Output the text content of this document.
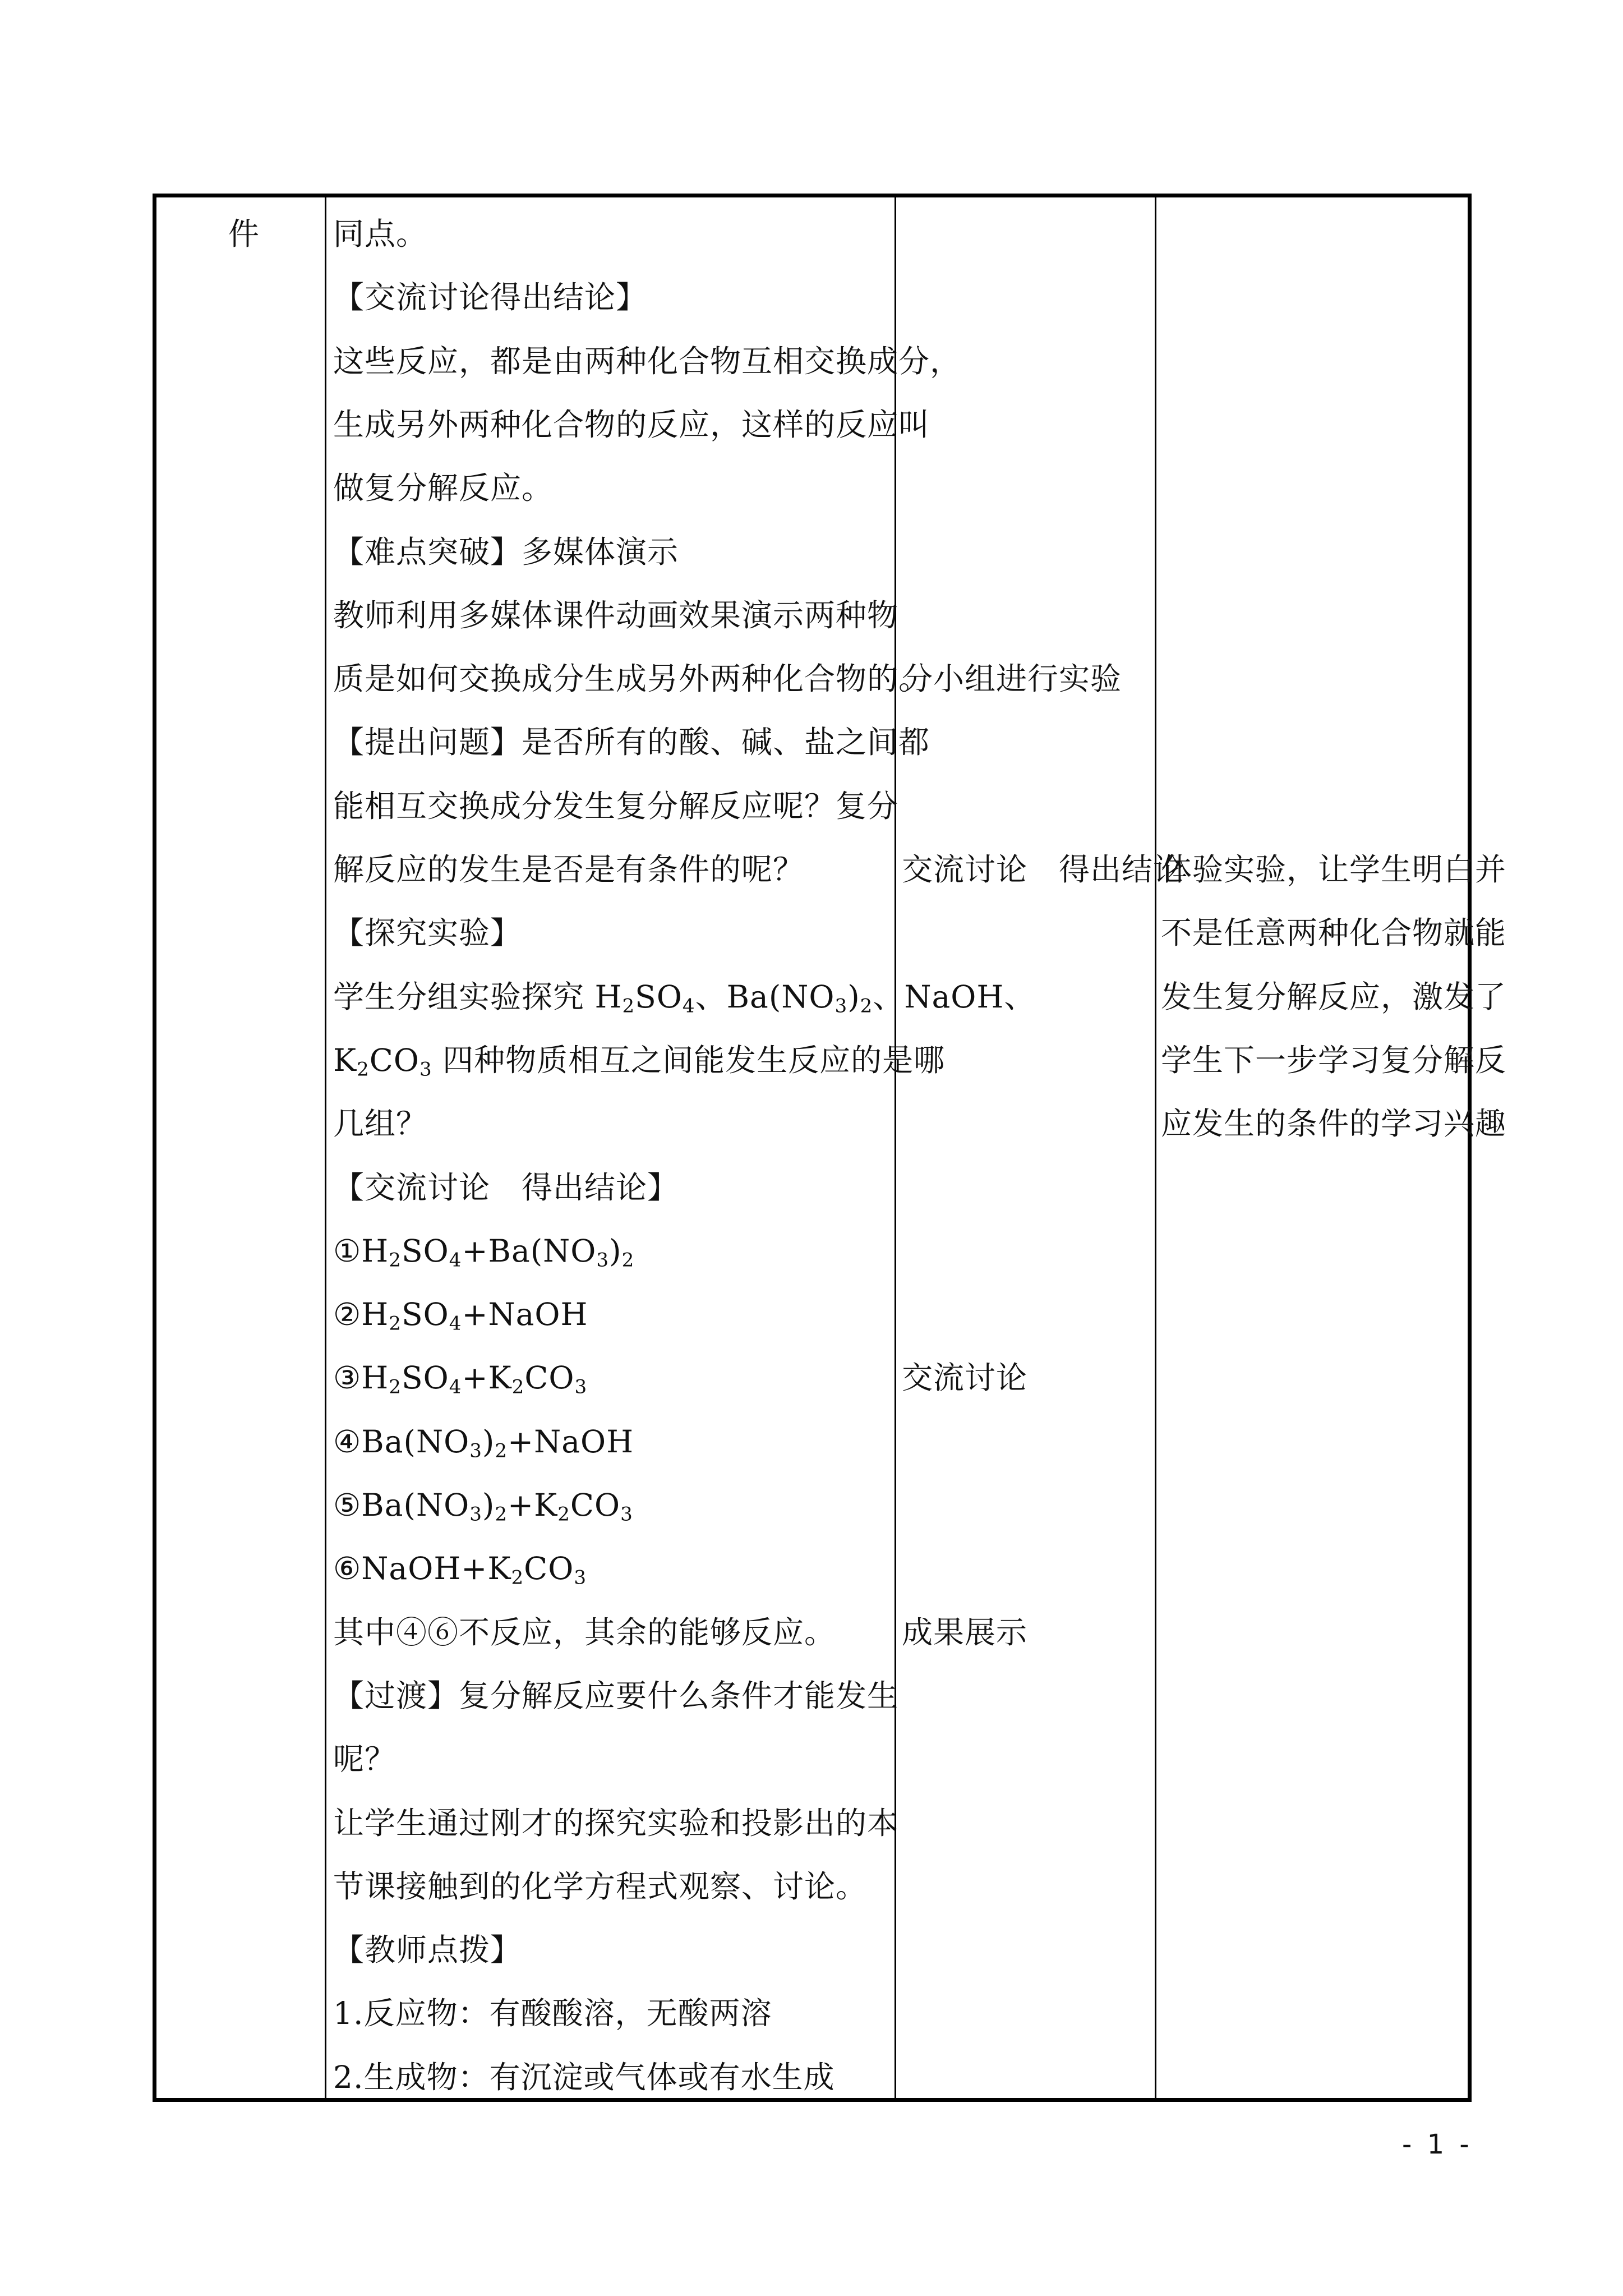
件 同点。
【交流讨论得出结论】
这些反应，都是由两种化合物互相交换成分，
生成另外两种化合物的反应，这样的反应叫
做复分解反应。
【难点突破】多媒体演示
教师利用多媒体课件动画效果演示两种物
质是如何交换成分生成另外两种化合物的。
【提出问题】是否所有的酸、碱、盐之间都
能相互交换成分发生复分解反应呢？复分
解反应的发生是否是有条件的呢？
【探究实验】
学生分组实验探究 $H_2SO_4$、$Ba(NO_3)_2$、NaOH、
$K_2CO_3$ 四种物质相互之间能发生反应的是哪
几组？
【交流讨论　得出结论】
$①H_2SO_4+Ba(NO_3)_2$
$②H_2SO_4+NaOH$
$③H_2SO_4+K_2CO_3$
$④Ba(NO_3)_2+NaOH$
$⑤Ba(NO_3)_2+K_2CO_3$
$⑥NaOH+K_2CO_3$
其中④⑥不反应，其余的能够反应。
【过渡】复分解反应要什么条件才能发生
呢？
让学生通过刚才的探究实验和投影出的本
节课接触到的化学方程式观察、讨论。
【教师点拨】
1.反应物：有酸酸溶，无酸两溶
2.生成物：有沉淀或气体或有水生成
分小组进行实验
交流讨论　得出结论
交流讨论
成果展示
体验实验，让学生明白并
不是任意两种化合物就能
发生复分解反应，激发了
学生下一步学习复分解反
应发生的条件的学习兴趣
- 1 -
